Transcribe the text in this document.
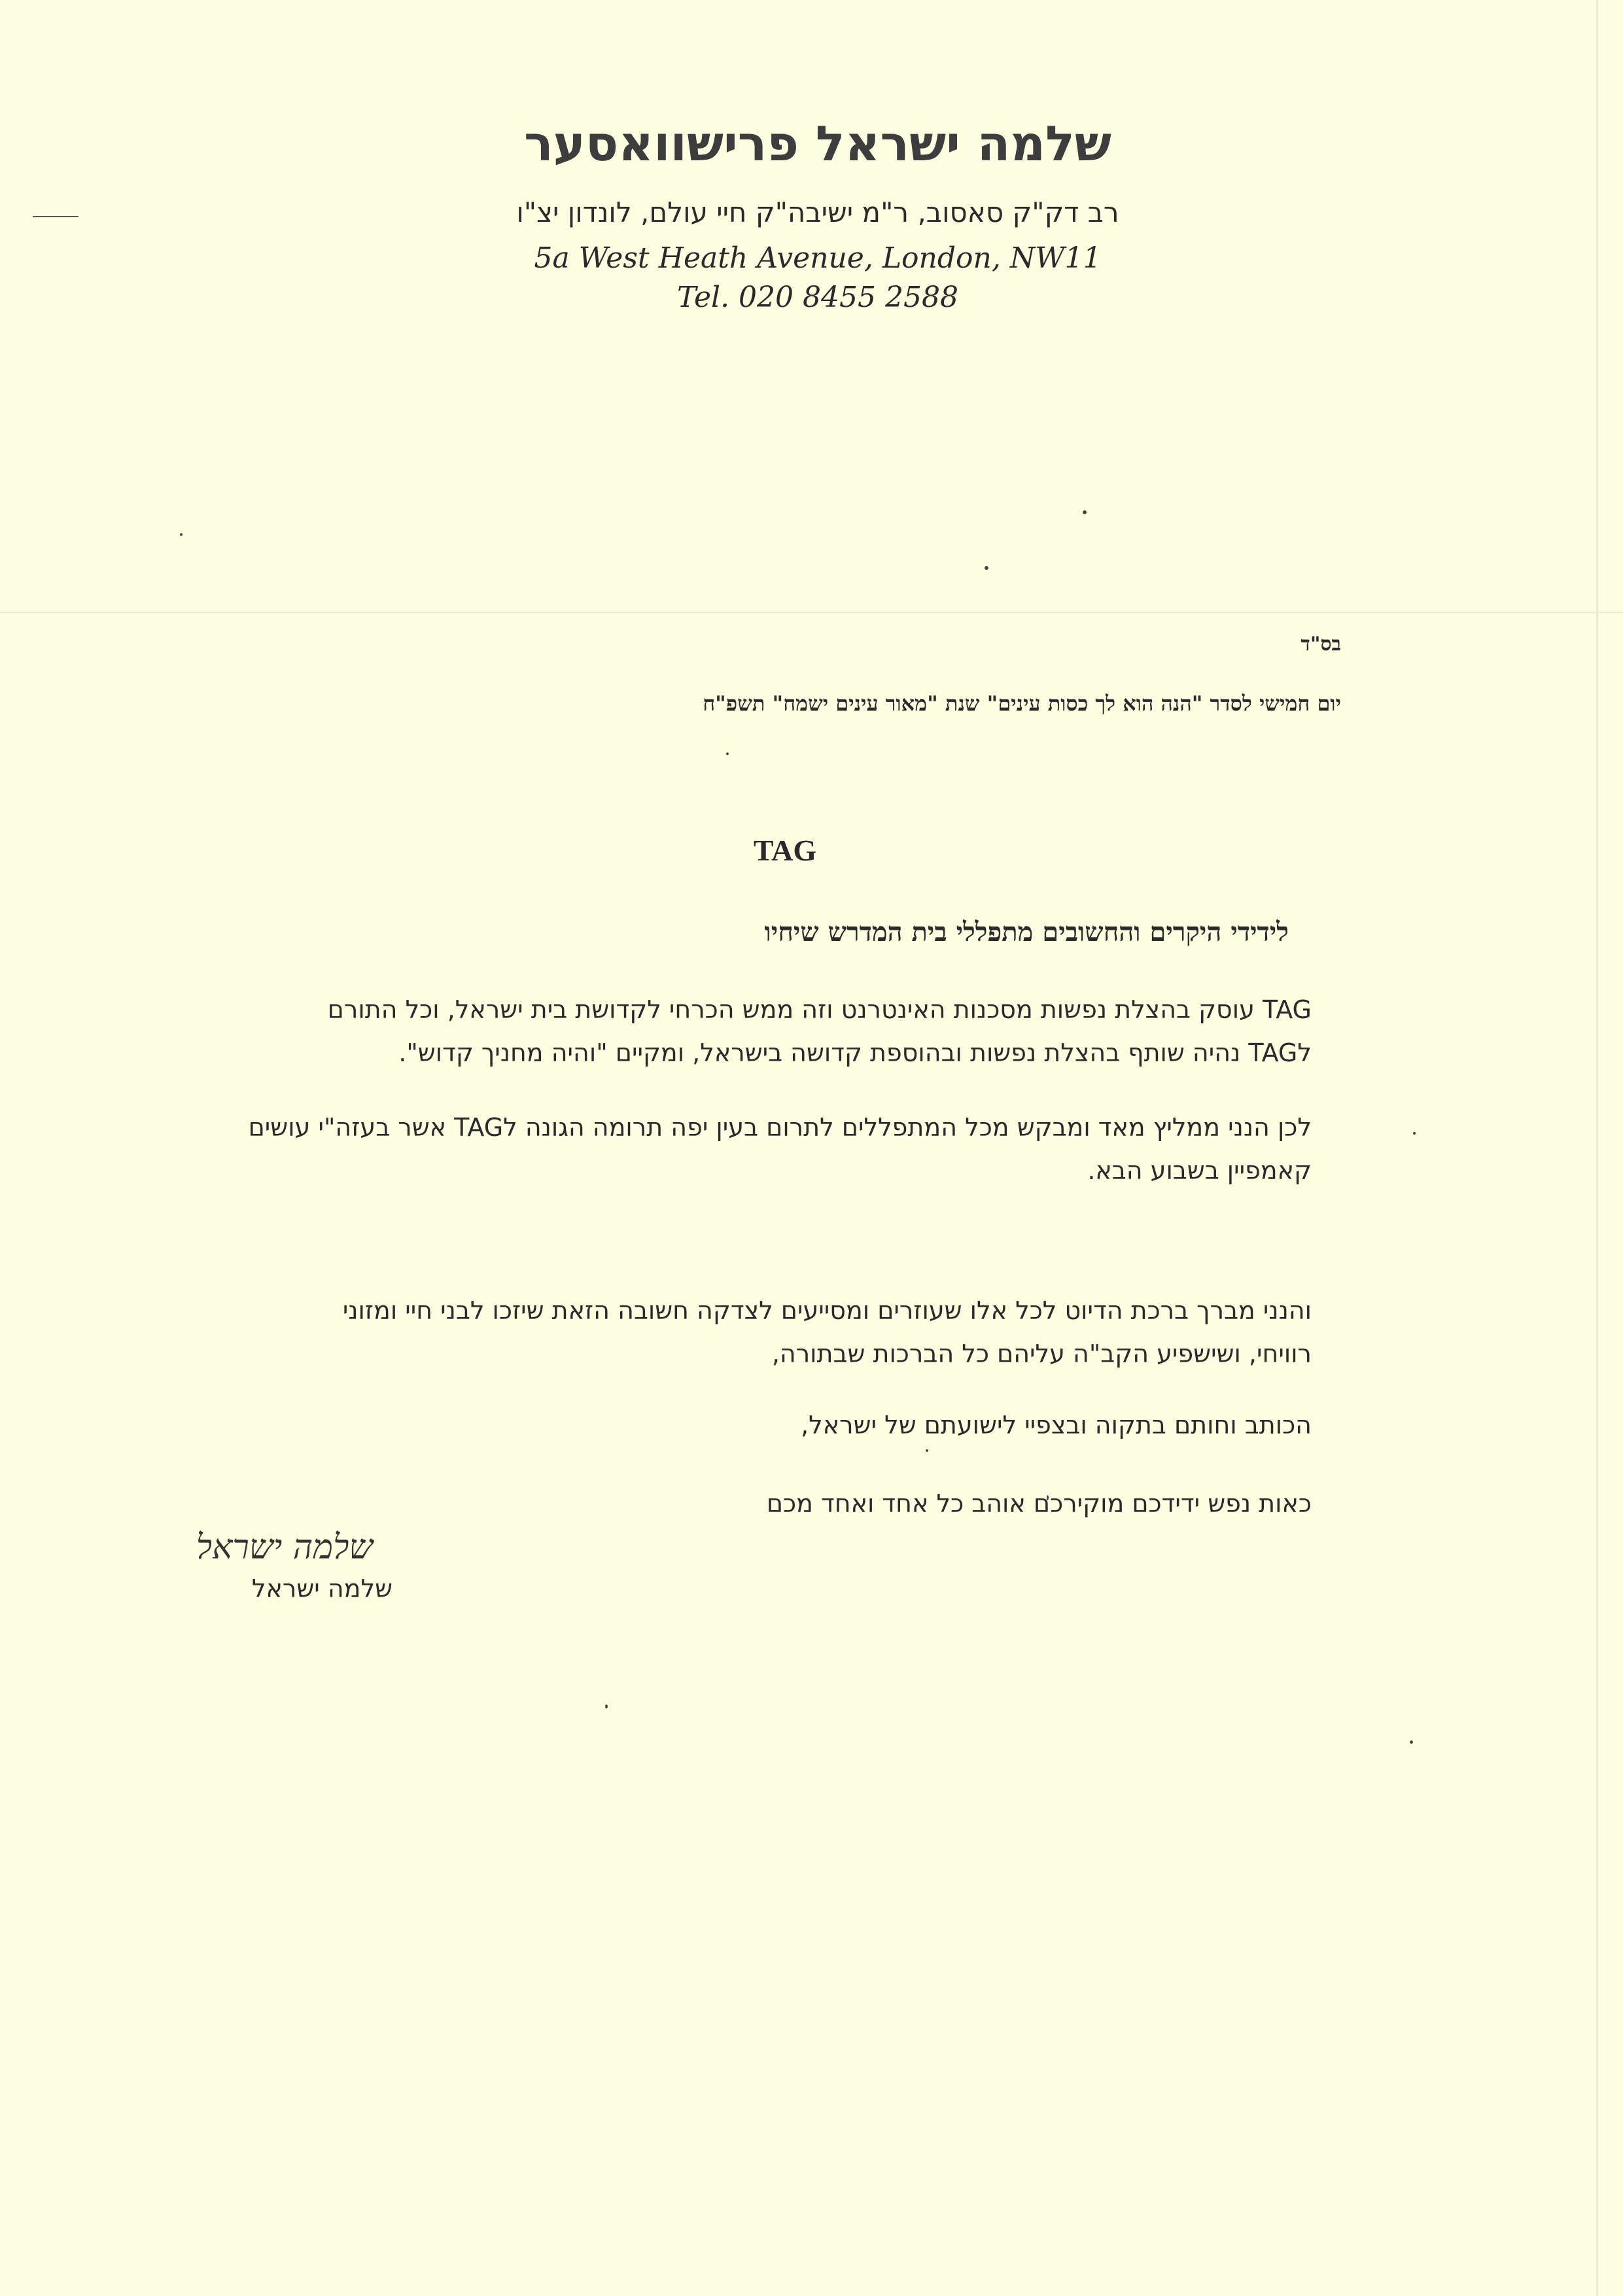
שלמה ישראל פרישוואסער
רב דק"ק סאסוב, ר"מ ישיבה"ק חיי עולם, לונדון יצ"ו
5a West Heath Avenue, London, NW11
Tel. 020 8455 2588
בס"ד
יום חמישי לסדר "הנה הוא לך כסות עינים" שנת "מאור עינים ישמח" תשפ"ח
TAG
לידידי היקרים והחשובים מתפללי בית המדרש שיחיו
TAG עוסק בהצלת נפשות מסכנות האינטרנט וזה ממש הכרחי לקדושת בית ישראל, וכל התורם
לTAG נהיה שותף בהצלת נפשות ובהוספת קדושה בישראל, ומקיים "והיה מחניך קדוש".
לכן הנני ממליץ מאד ומבקש מכל המתפללים לתרום בעין יפה תרומה הגונה לTAG אשר בעזה"י עושים
קאמפיין בשבוע הבא.
והנני מברך ברכת הדיוט לכל אלו שעוזרים ומסייעים לצדקה חשובה הזאת שיזכו לבני חיי ומזוני
רוויחי, ושישפיע הקב"ה עליהם כל הברכות שבתורה,
הכותב וחותם בתקוה ובצפיי לישועתם של ישראל,
כאות נפש ידידכם מוקירכם אוהב כל אחד ואחד מכם
שלמה ישראל
שלמה ישראל
